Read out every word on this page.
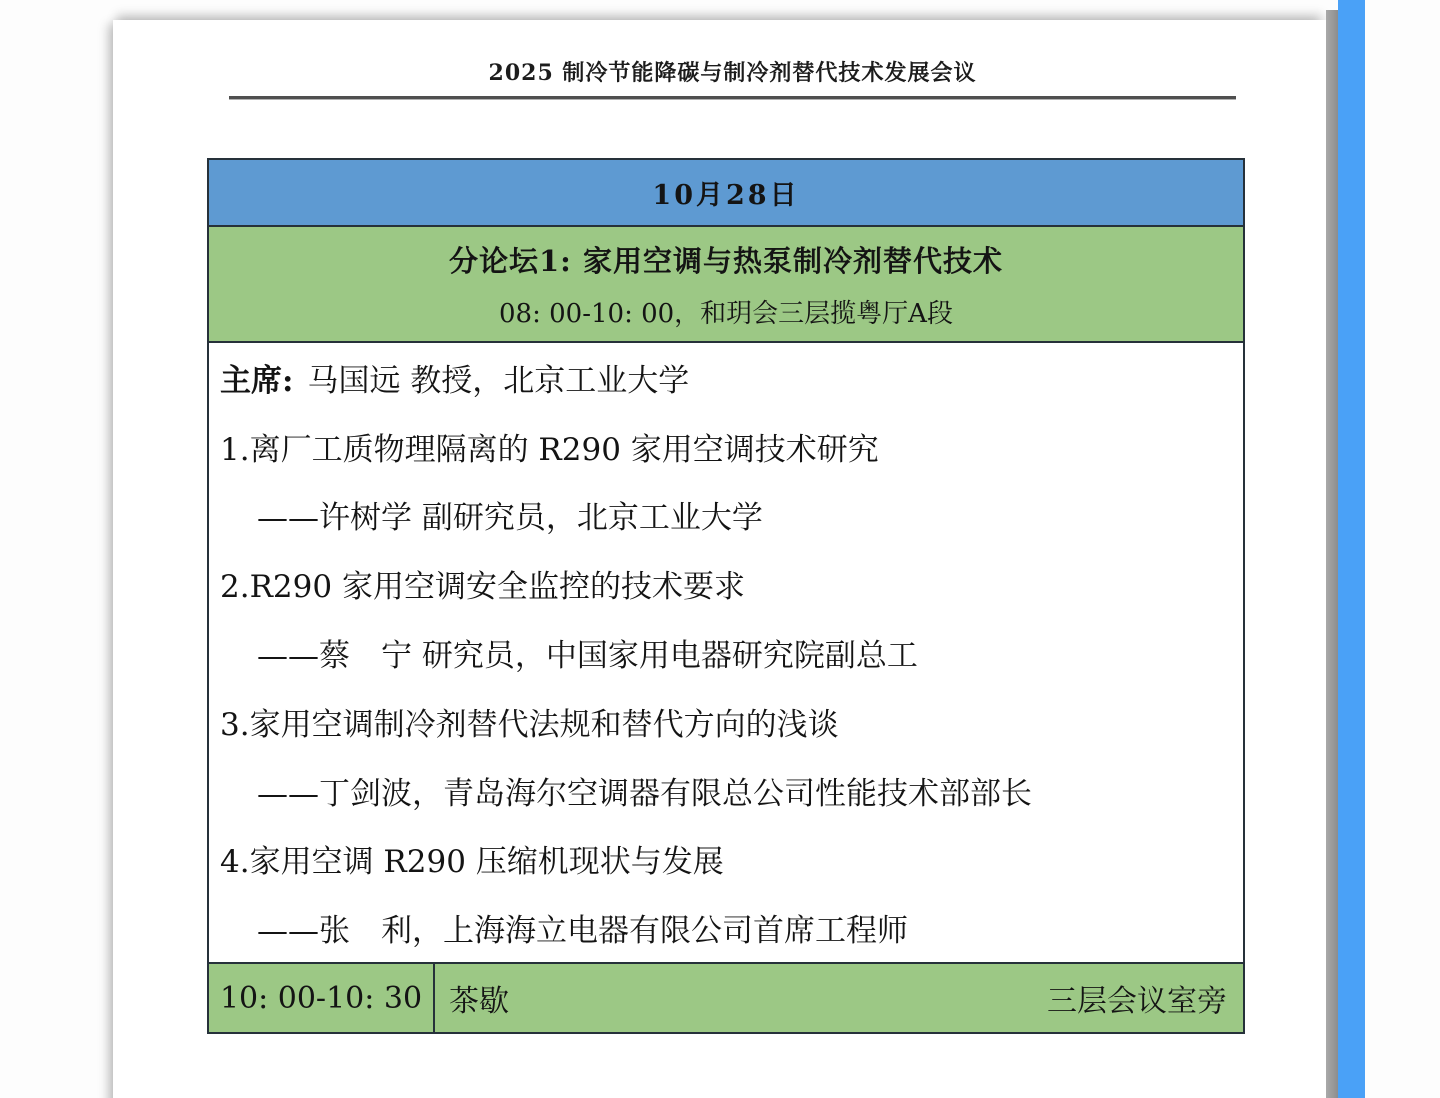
2025 制冷节能降碳与制冷剂替代技术发展会议
10月28日
分论坛1: 家用空调与热泵制冷剂替代技术
08: 00-10: 00，和玥会三层揽粤厅A段
主席: 马国远 教授，北京工业大学
1.离厂工质物理隔离的 R290 家用空调技术研究
——许树学 副研究员，北京工业大学
2.R290 家用空调安全监控的技术要求
——蔡　宁 研究员，中国家用电器研究院副总工
3.家用空调制冷剂替代法规和替代方向的浅谈
——丁剑波，青岛海尔空调器有限总公司性能技术部部长
4.家用空调 R290 压缩机现状与发展
——张　利，上海海立电器有限公司首席工程师
10: 00-10: 30 茶歇	三层会议室旁
